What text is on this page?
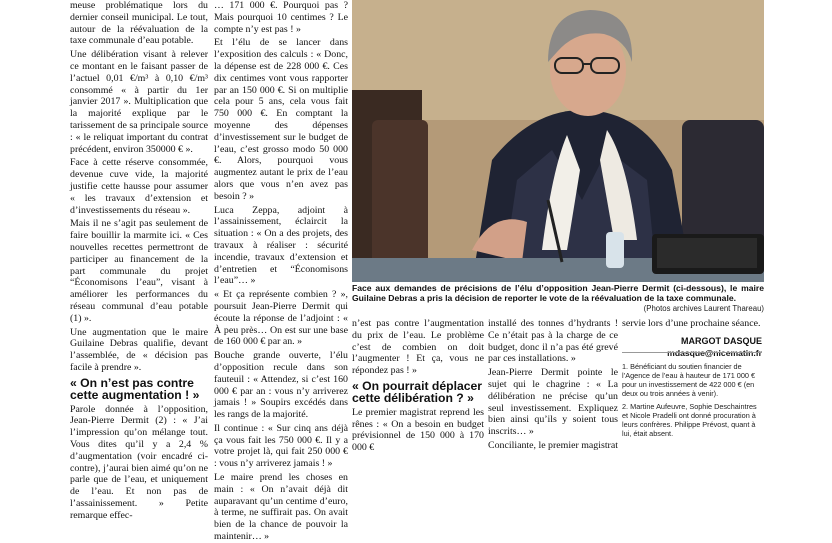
meuse problématique lors du dernier conseil municipal. Le tout, autour de la réévaluation de la taxe communale d’eau potable.

Une délibération visant à relever ce montant en le faisant passer de l’actuel 0,01 €/m³ à 0,10 €/m³ consommé « à partir du 1er janvier 2017 ». Multiplication que la majorité explique par le tarissement de sa principale source : « le reliquat important du contrat précédent, environ 350000 € ».

Face à cette réserve consommée, devenue cuve vide, la majorité justifie cette hausse pour assumer « les travaux d’extension et d’investissements du réseau ».

Mais il ne s’agit pas seulement de faire bouillir la marmite ici. « Ces nouvelles recettes permettront de participer au financement de la part communale du projet “Économisons l’eau”, visant à améliorer les performances du réseau communal d’eau potable (1) ».

Une augmentation que le maire Guilaine Debras qualifie, devant l’assemblée, de « décision pas facile à prendre ».

« On n’est pas contre cette augmentation ! »

Parole donnée à l’opposition, Jean-Pierre Dermit (2) : « J’ai l’impression qu’on mélange tout. Vous dites qu’il y a 2,4 % d’augmentation (voir encadré ci-contre), j’aurai bien aimé qu’on ne parle que de l’eau, et uniquement de l’eau. Et non pas de l’assainissement. » Petite remarque effec-

… 171 000 €. Pourquoi pas ? Mais pourquoi 10 centimes ? Le compte n’y est pas ! »

Et l’élu de se lancer dans l’exposition des calculs : « Donc, la dépense est de 228 000 €. Ces dix centimes vont vous rapporter par an 150 000 €. Si on multiplie cela pour 5 ans, cela vous fait 750 000 €. En comptant la moyenne des dépenses d’investissement sur le budget de l’eau, c’est grosso modo 50 000 €. Alors, pourquoi vous augmentez autant le prix de l’eau alors que vous n’en avez pas besoin ? »

Luca Zeppa, adjoint à l’assainissement, éclaircit la situation : « On a des projets, des travaux à réaliser : sécurité incendie, travaux d’extension et d’entretien et “Économisons l’eau”… »

« Et ça représente combien ? », poursuit Jean-Pierre Dermit qui écoute la réponse de l’adjoint : « À peu près… On est sur une base de 160 000 € par an. »

Bouche grande ouverte, l’élu d’opposition recule dans son fauteuil : « Attendez, si c’est 160 000 € par an : vous n’y arriverez jamais ! » Soupirs excédés dans les rangs de la majorité.

Il continue : « Sur cinq ans déjà ça vous fait les 750 000 €. Il y a votre projet là, qui fait 250 000 € : vous n’y arriverez jamais ! »

Le maire prend les choses en main : « On n’avait déjà dit auparavant qu’un centime d’euro, à terme, ne suffirait pas. On avait bien de la chance de pouvoir la maintenir… »

Face aux demandes de précisions de l’élu d’opposition Jean-Pierre Dermit (ci-dessous), le maire Guilaine Debras a pris la décision de reporter le vote de la réévaluation de la taxe communale.
(Photos archives Laurent Thareau)

n’est pas contre l’augmentation du prix de l’eau. Le problème c’est de combien on doit l’augmenter ! Et ça, vous ne répondez pas ! »

« On pourrait déplacer cette délibération ? »

Le premier magistrat reprend les rênes : « On a besoin en budget prévisionnel de 150 000 à 170 000 €

installé des tonnes d’hydrants ! Ce n’était pas à la charge de ce budget, donc il n’a pas été grevé par ces installations. »

Jean-Pierre Dermit pointe le sujet qui le chagrine : « La délibération ne précise qu’un seul investissement. Expliquez bien ainsi qu’ils y soient tous inscrits… »

Conciliante, le premier magistrat

servie lors d’une prochaine séance.

MARGOT DASQUE
mdasque@nicematin.fr
1. Bénéficiant du soutien financier de l’Agence de l’eau à hauteur de 171 000 € pour un investissement de 422 000 € (en deux ou trois années à venir).
2. Martine Aufeuvre, Sophie Deschaintres et Nicole Pradelli ont donné procuration à leurs confrères. Philippe Prévost, quant à lui, était absent.
